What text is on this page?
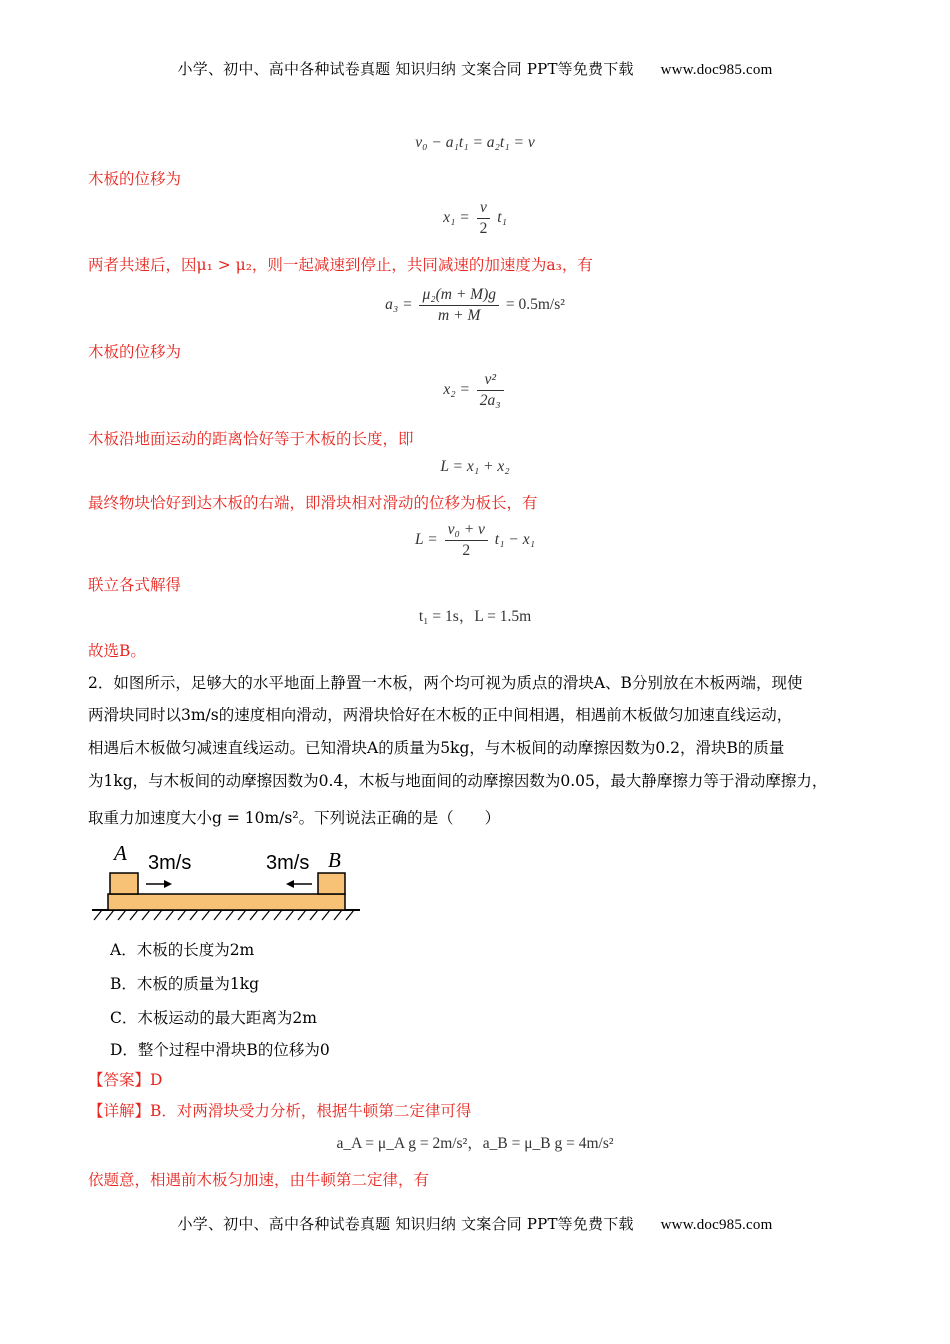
小学、初中、高中各种试卷真题 知识归纳 文案合同 PPT等免费下载 www.doc985.com
v₀ − a₁t₁ = a₂t₁ = v
木板的位移为
$x_1 = \frac{v}{2} t_1$
两者共速后，因μ₁ > μ₂，则一起减速到停止，共同减速的加速度为a₃，有
$a_3 = \frac{\text{μ₂(m + M)g}}{m + M} = 0.5m/s^2$
木板的位移为
$x_2 = \frac{\text{v²}}{\text{2a₃}}$
木板沿地面运动的距离恰好等于木板的长度，即
L = x₁ + x₂
最终物块恰好到达木板的右端，即滑块相对滑动的位移为板长，有
$L = \frac{\text{v₀ + v}}{2} t_1 - x_1$
联立各式解得
t₁ = 1s，L = 1.5m
故选B。
2．如图所示，足够大的水平地面上静置一木板，两个均可视为质点的滑块A、B分别放在木板两端，现使
两滑块同时以3m/s的速度相向滑动，两滑块恰好在木板的正中间相遇，相遇前木板做匀加速直线运动，
相遇后木板做匀减速直线运动。已知滑块A的质量为5kg，与木板间的动摩擦因数为0.2，滑块B的质量
为1kg，与木板间的动摩擦因数为0.4，木板与地面间的动摩擦因数为0.05，最大静摩擦力等于滑动摩擦力，
取重力加速度大小g = 10m/s²。下列说法正确的是（　　）
A	B
3m/s	3m/s
A．木板的长度为2m
B．木板的质量为1kg
C．木板运动的最大距离为2m
D．整个过程中滑块B的位移为0
【答案】D
【详解】B．对两滑块受力分析，根据牛顿第二定律可得
a_A = μ_A g = 2m/s²，a_B = μ_B g = 4m/s²
依题意，相遇前木板匀加速，由牛顿第二定律，有
小学、初中、高中各种试卷真题 知识归纳 文案合同 PPT等免费下载 www.doc985.com
